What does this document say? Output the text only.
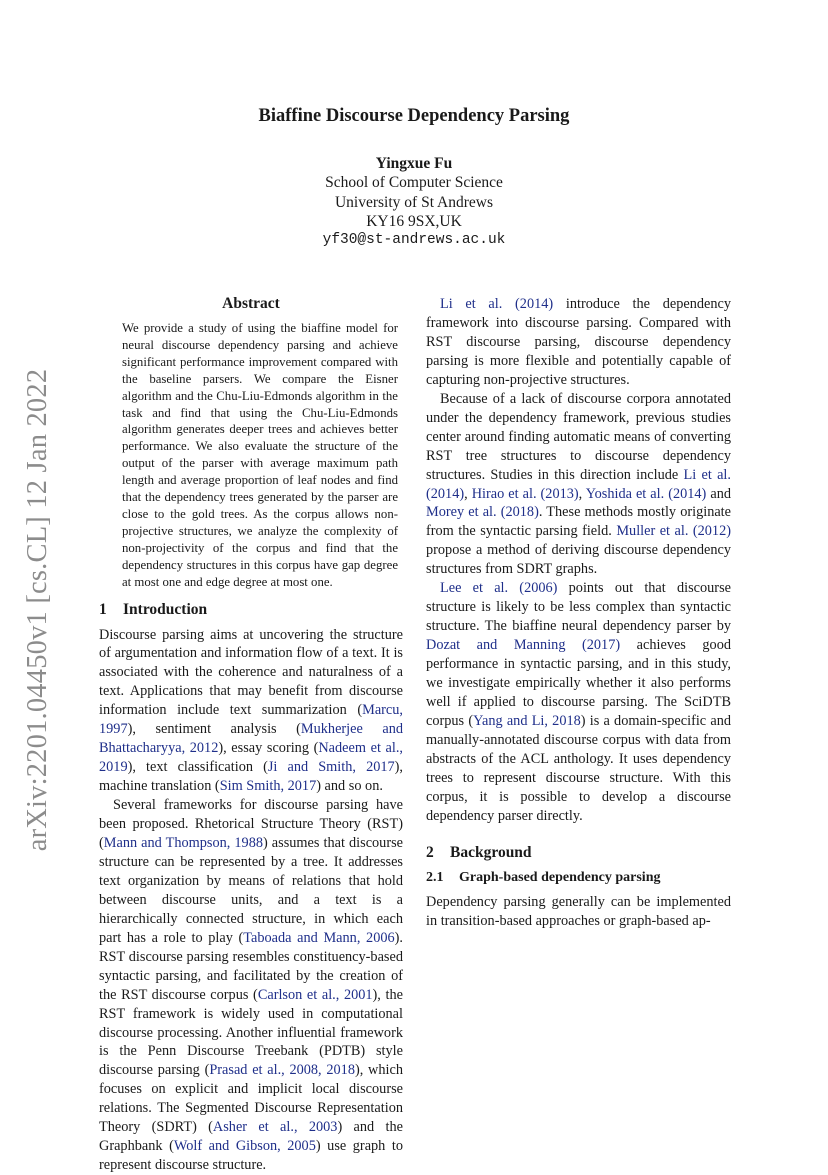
arXiv:2201.04450v1 [cs.CL] 12 Jan 2022
Biaffine Discourse Dependency Parsing
Yingxue Fu
School of Computer Science
University of St Andrews
KY16 9SX,UK
yf30@st-andrews.ac.uk
Abstract
We provide a study of using the biaffine model for neural discourse dependency parsing and achieve significant performance improvement compared with the baseline parsers. We compare the Eisner algorithm and the Chu-Liu-Edmonds algorithm in the task and find that using the Chu-Liu-Edmonds algorithm generates deeper trees and achieves better performance. We also evaluate the structure of the output of the parser with average maximum path length and average proportion of leaf nodes and find that the dependency trees generated by the parser are close to the gold trees. As the corpus allows non-projective structures, we analyze the complexity of non-projectivity of the corpus and find that the dependency structures in this corpus have gap degree at most one and edge degree at most one.
1 Introduction

Discourse parsing aims at uncovering the structure of argumentation and information flow of a text. It is associated with the coherence and naturalness of a text. Applications that may benefit from discourse information include text summarization (Marcu, 1997), sentiment analysis (Mukherjee and Bhattacharyya, 2012), essay scoring (Nadeem et al., 2019), text classification (Ji and Smith, 2017), machine translation (Sim Smith, 2017) and so on.

Several frameworks for discourse parsing have been proposed. Rhetorical Structure Theory (RST) (Mann and Thompson, 1988) assumes that discourse structure can be represented by a tree. It addresses text organization by means of relations that hold between discourse units, and a text is a hierarchically connected structure, in which each part has a role to play (Taboada and Mann, 2006). RST discourse parsing resembles constituency-based syntactic parsing, and facilitated by the creation of the RST discourse corpus (Carlson et al., 2001), the RST framework is widely used in computational discourse processing. Another influential framework is the Penn Discourse Treebank (PDTB) style discourse parsing (Prasad et al., 2008, 2018), which focuses on explicit and implicit local discourse relations. The Segmented Discourse Representation Theory (SDRT) (Asher et al., 2003) and the Graphbank (Wolf and Gibson, 2005) use graph to represent discourse structure.

Li et al. (2014) introduce the dependency framework into discourse parsing. Compared with RST discourse parsing, discourse dependency parsing is more flexible and potentially capable of capturing non-projective structures.

Because of a lack of discourse corpora annotated under the dependency framework, previous studies center around finding automatic means of converting RST tree structures to discourse dependency structures. Studies in this direction include Li et al. (2014), Hirao et al. (2013), Yoshida et al. (2014) and Morey et al. (2018). These methods mostly originate from the syntactic parsing field. Muller et al. (2012) propose a method of deriving discourse dependency structures from SDRT graphs.

Lee et al. (2006) points out that discourse structure is likely to be less complex than syntactic structure. The biaffine neural dependency parser by Dozat and Manning (2017) achieves good performance in syntactic parsing, and in this study, we investigate empirically whether it also performs well if applied to discourse parsing. The SciDTB corpus (Yang and Li, 2018) is a domain-specific and manually-annotated discourse corpus with data from abstracts of the ACL anthology. It uses dependency trees to represent discourse structure. With this corpus, it is possible to develop a discourse dependency parser directly.

2 Background
2.1 Graph-based dependency parsing

Dependency parsing generally can be implemented in transition-based approaches or graph-based ap-
